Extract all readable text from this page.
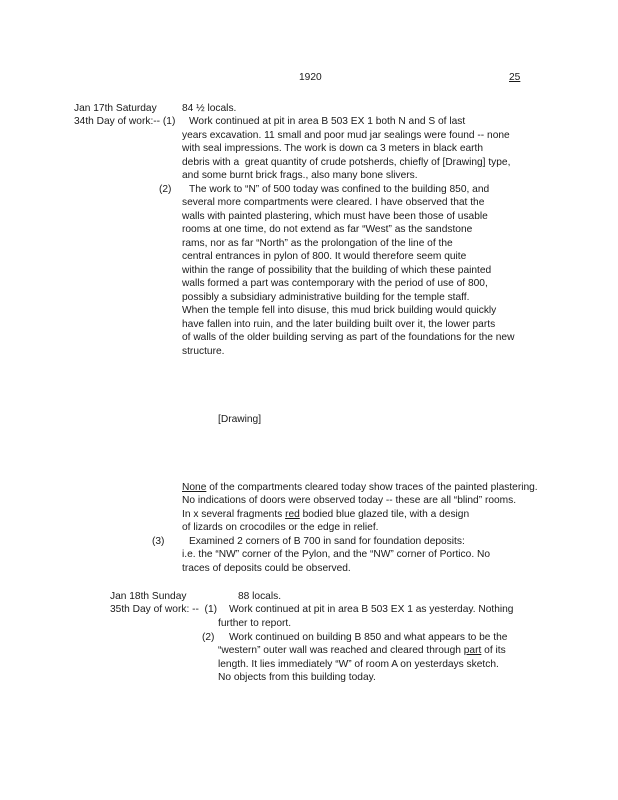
1920	25
Jan 17th Saturday 84 ½ locals.
34th Day of work:-- (1) Work continued at pit in area B 503 EX 1 both N and S of last
years excavation. 11 small and poor mud jar sealings were found -- none
with seal impressions. The work is down ca 3 meters in black earth
debris with a  great quantity of crude potsherds, chiefly of [Drawing] type,
and some burnt brick frags., also many bone slivers.
(2) The work to “N” of 500 today was confined to the building 850, and
several more compartments were cleared. I have observed that the
walls with painted plastering, which must have been those of usable
rooms at one time, do not extend as far “West” as the sandstone
rams, nor as far “North” as the prolongation of the line of the
central entrances in pylon of 800. It would therefore seem quite
within the range of possibility that the building of which these painted
walls formed a part was contemporary with the period of use of 800,
possibly a subsidiary administrative building for the temple staff.
When the temple fell into disuse, this mud brick building would quickly
have fallen into ruin, and the later building built over it, the lower parts
of walls of the older building serving as part of the foundations for the new
structure.
[Drawing]
None of the compartments cleared today show traces of the painted plastering.
No indications of doors were observed today -- these are all “blind” rooms.
In x several fragments red bodied blue glazed tile, with a design
of lizards on crocodiles or the edge in relief.
(3) Examined 2 corners of B 700 in sand for foundation deposits:
i.e. the “NW” corner of the Pylon, and the “NW” corner of Portico. No
traces of deposits could be observed.
Jan 18th Sunday	88 locals.
35th Day of work: --  (1) Work continued at pit in area B 503 EX 1 as yesterday. Nothing
further to report.
(2) Work continued on building B 850 and what appears to be the
“western” outer wall was reached and cleared through part of its
length. It lies immediately “W” of room A on yesterdays sketch.
No objects from this building today.
